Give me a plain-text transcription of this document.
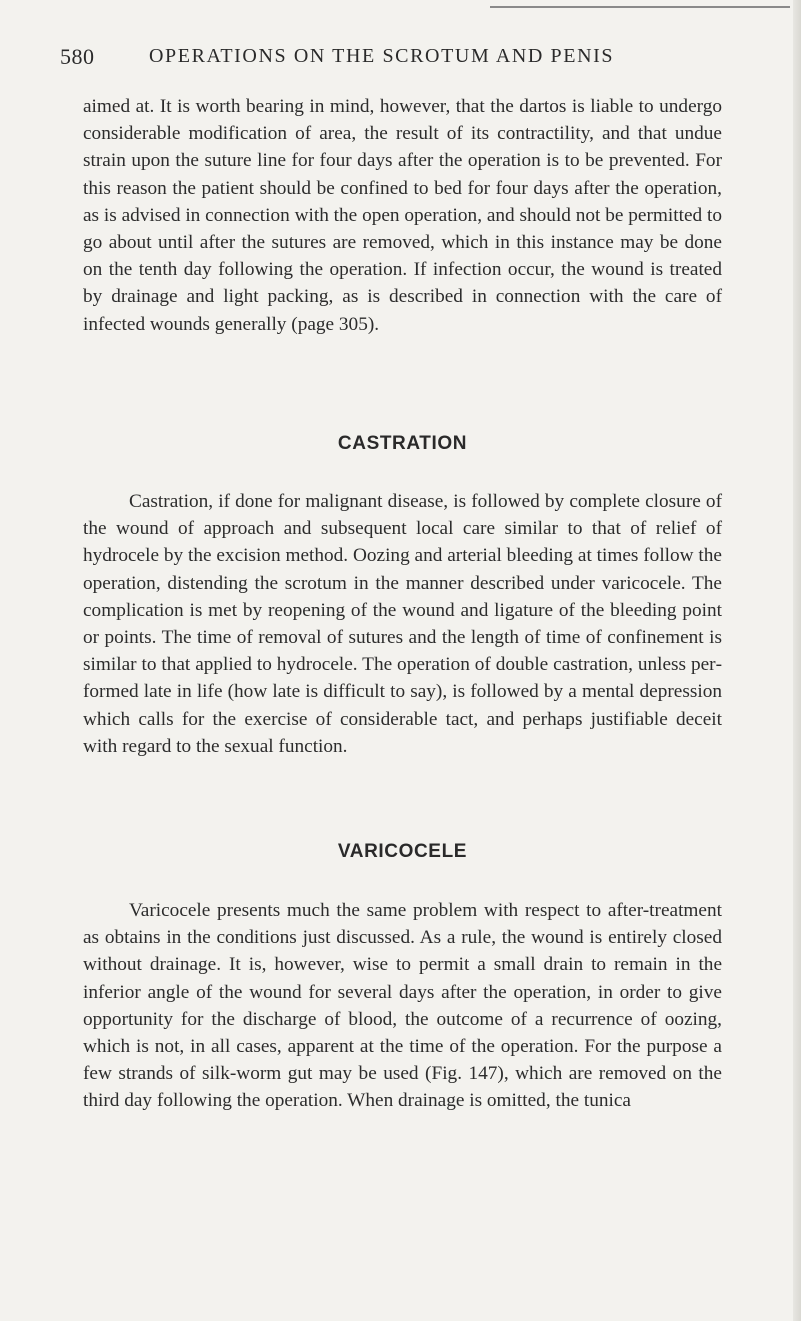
580	OPERATIONS ON THE SCROTUM AND PENIS

aimed at. It is worth bearing in mind, however, that the dartos is liable to undergo considerable modification of area, the result of its contractility, and that undue strain upon the suture line for four days after the operation is to be prevented. For this reason the patient should be confined to bed for four days after the operation, as is advised in connection with the open operation, and should not be permitted to go about until after the sutures are removed, which in this instance may be done on the tenth day following the operation. If infection occur, the wound is treated by drainage and light packing, as is described in connection with the care of infected wounds generally (page 305).

CASTRATION

Castration, if done for malignant disease, is followed by complete closure of the wound of approach and subsequent local care similar to that of relief of hydrocele by the excision method. Oozing and arterial bleeding at times follow the operation, distending the scrotum in the manner described under varicocele. The complication is met by reopening of the wound and ligature of the bleeding point or points. The time of removal of sutures and the length of time of confinement is similar to that applied to hydrocele. The operation of double castration, unless performed late in life (how late is difficult to say), is followed by a mental depression which calls for the exercise of considerable tact, and perhaps justifiable deceit with regard to the sexual function.

VARICOCELE

Varicocele presents much the same problem with respect to after-treatment as obtains in the conditions just discussed. As a rule, the wound is entirely closed without drainage. It is, however, wise to permit a small drain to remain in the inferior angle of the wound for several days after the operation, in order to give opportunity for the discharge of blood, the outcome of a recurrence of oozing, which is not, in all cases, apparent at the time of the operation. For the purpose a few strands of silk-worm gut may be used (Fig. 147), which are removed on the third day following the operation. When drainage is omitted, the tunica
